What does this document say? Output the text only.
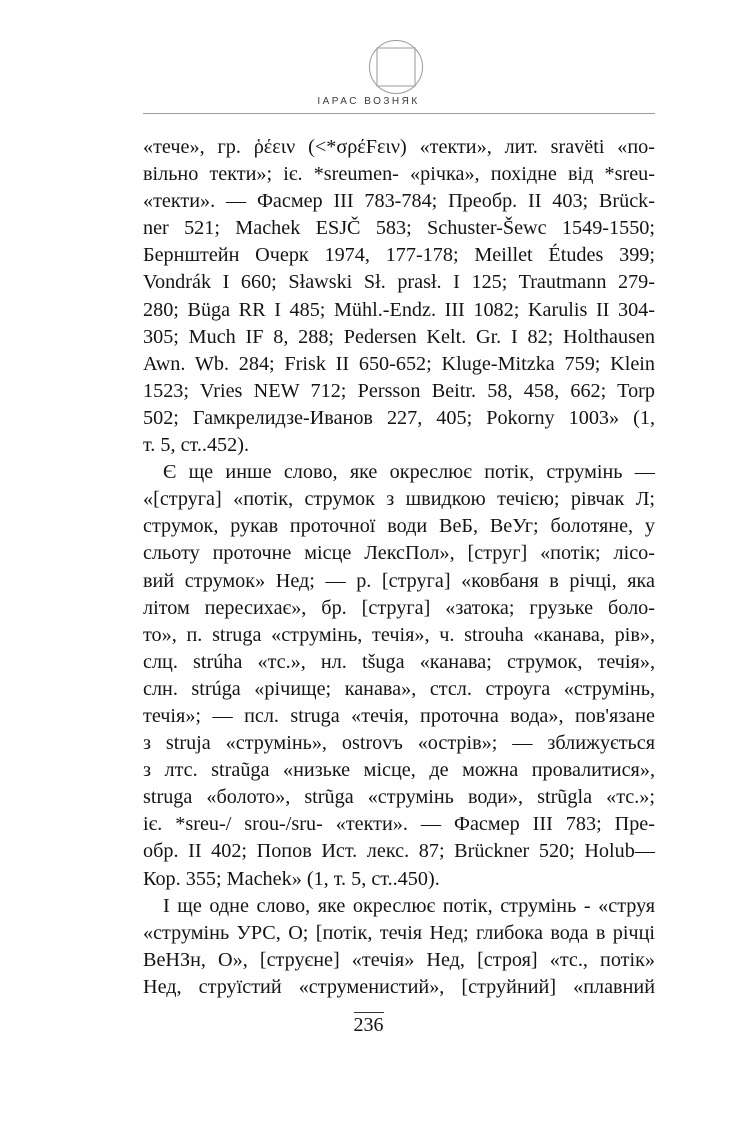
ІАРАС ВОЗНЯК
«тече», гр. ῥέειν (<*σρέϜειν) «текти», лит. sravëti «по-
вільно текти»; іє. *sreumen- «річка», похідне від *sreu-
«текти». — Фасмер III 783-784; Преобр. II 403; Brück-
ner 521; Machek ESJČ 583; Schuster-Šewc 1549-1550;
Бернштейн Очерк 1974, 177-178; Meillet Études 399;
Vondrák I 660; Sławski Sł. prasł. I 125; Trautmann 279-
280; Büga RR I 485; Mühl.-Endz. III 1082; Karulis II 304-
305; Much IF 8, 288; Pedersen Kelt. Gr. I 82; Holthausen
Awn. Wb. 284; Frisk II 650-652; Kluge-Mitzka 759; Klein
1523; Vries NEW 712; Persson Beitr. 58, 458, 662; Torp
502; Гамкрелидзе-Иванов 227, 405; Pokorny 1003» (1,
т. 5, ст..452).
Є ще инше слово, яке окреслює потік, струмінь —
«[струга] «потік, струмок з швидкою течією; рівчак Л;
струмок, рукав проточної води ВеБ, ВеУг; болотяне, у
сльоту проточне місце ЛексПол», [струг] «потік; лісо-
вий струмок» Нед; — р. [струга] «ковбаня в річці, яка
літом пересихає», бр. [струга] «затока; грузьке боло-
то», п. struga «струмінь, течія», ч. strouha «канава, рів»,
слц. strúha «тс.», нл. tšuga «канава; струмок, течія»,
слн. strúga «річище; канава», стсл. строуга «струмінь,
течія»; — псл. struga «течія, проточна вода», пов'язане
з struja «струмінь», ostrovъ «острів»; — зближується
з лтс. straũga «низьке місце, де можна провалитися»,
struga «болото», strũga «струмінь води», strũgla «тс.»;
іє. *sreu-/ srou-/sru- «текти». — Фасмер III 783; Пре-
обр. II 402; Попов Ист. лекс. 87; Brückner 520; Holub—
Кор. 355; Machek» (1, т. 5, ст..450).
І ще одне слово, яке окреслює потік, струмінь - «струя
«струмінь УРС, О; [потік, течія Нед; глибока вода в річці
ВеНЗн, О», [струєне] «течія» Нед, [строя] «тс., потік»
Нед, струїстий «струменистий», [струйний] «плавний
236
